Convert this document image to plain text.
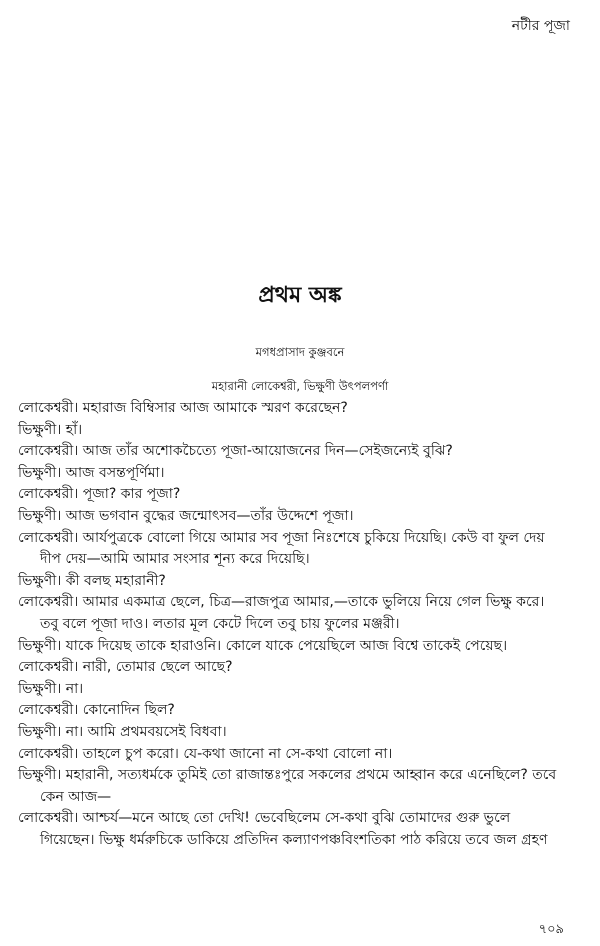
নটীর পূজা
প্রথম অঙ্ক
মগধপ্রাসাদ কুঞ্জবনে
মহারানী লোকেশ্বরী, ভিক্ষুণী উৎপলপর্ণা
লোকেশ্বরী। মহারাজ বিম্বিসার আজ আমাকে স্মরণ করেছেন?
ভিক্ষুণী। হাঁ।
লোকেশ্বরী। আজ তাঁর অশোকচৈত্যে পূজা-আয়োজনের দিন—সেইজন্যেই বুঝি?
ভিক্ষুণী। আজ বসন্তপূর্ণিমা।
লোকেশ্বরী। পূজা? কার পূজা?
ভিক্ষুণী। আজ ভগবান বুদ্ধের জন্মোৎসব—তাঁর উদ্দেশে পূজা।
লোকেশ্বরী। আর্যপুত্রকে বোলো গিয়ে আমার সব পূজা নিঃশেষে চুকিয়ে দিয়েছি। কেউ বা ফুল দেয়
দীপ দেয়—আমি আমার সংসার শূন্য করে দিয়েছি।
ভিক্ষুণী। কী বলছ মহারানী?
লোকেশ্বরী। আমার একমাত্র ছেলে, চিত্র—রাজপুত্র আমার,—তাকে ভুলিয়ে নিয়ে গেল ভিক্ষু করে।
তবু বলে পূজা দাও। লতার মূল কেটে দিলে তবু চায় ফুলের মঞ্জরী।
ভিক্ষুণী। যাকে দিয়েছ তাকে হারাওনি। কোলে যাকে পেয়েছিলে আজ বিশ্বে তাকেই পেয়েছ।
লোকেশ্বরী। নারী, তোমার ছেলে আছে?
ভিক্ষুণী। না।
লোকেশ্বরী। কোনোদিন ছিল?
ভিক্ষুণী। না। আমি প্রথমবয়সেই বিধবা।
লোকেশ্বরী। তাহলে চুপ করো। যে-কথা জানো না সে-কথা বোলো না।
ভিক্ষুণী। মহারানী, সত্যধর্মকে তুমিই তো রাজান্তঃপুরে সকলের প্রথমে আহ্বান করে এনেছিলে? তবে
কেন আজ—
লোকেশ্বরী। আশ্চর্য—মনে আছে তো দেখি! ভেবেছিলেম সে-কথা বুঝি তোমাদের গুরু ভুলে
গিয়েছেন। ভিক্ষু ধর্মরুচিকে ডাকিয়ে প্রতিদিন কল্যাণপঞ্চবিংশতিকা পাঠ করিয়ে তবে জল গ্রহণ
৭০৯
